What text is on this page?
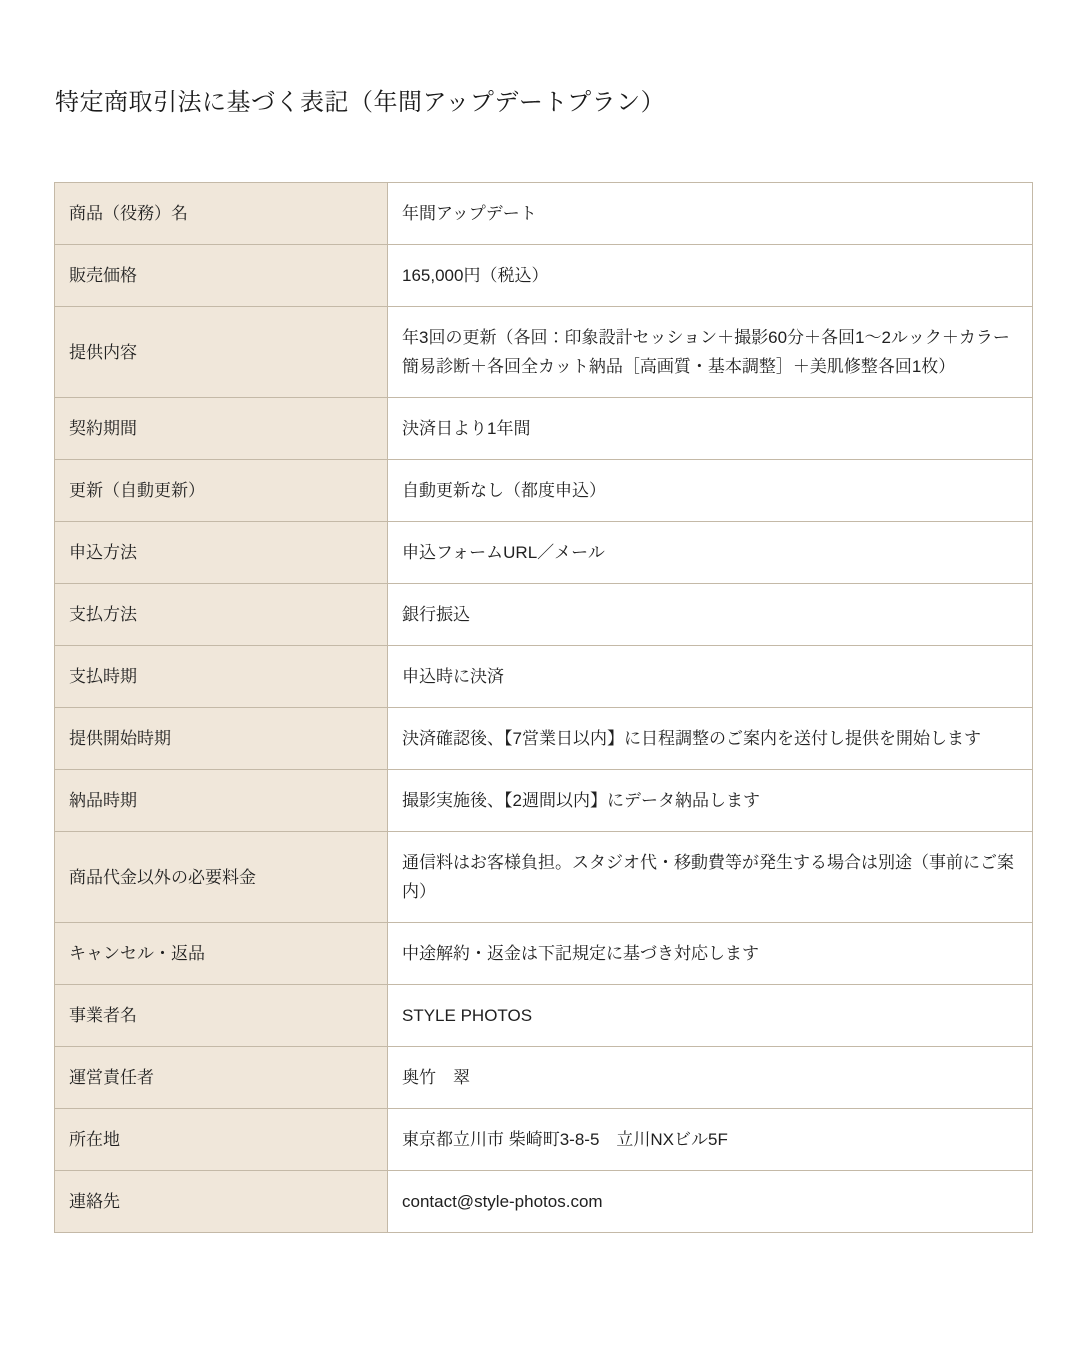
特定商取引法に基づく表記（年間アップデートプラン）
商品（役務）名	年間アップデート
販売価格	165,000円（税込）
提供内容	年3回の更新（各回：印象設計セッション＋撮影60分＋各回1〜2ルック＋カラー簡易診断＋各回全カット納品［高画質・基本調整］＋美肌修整各回1枚）
契約期間	決済日より1年間
更新（自動更新）	自動更新なし（都度申込）
申込方法	申込フォームURL／メール
支払方法	銀行振込
支払時期	申込時に決済
提供開始時期	決済確認後、【7営業日以内】に日程調整のご案内を送付し提供を開始します
納品時期	撮影実施後、【2週間以内】にデータ納品します
商品代金以外の必要料金	通信料はお客様負担。スタジオ代・移動費等が発生する場合は別途（事前にご案内）
キャンセル・返品	中途解約・返金は下記規定に基づき対応します
事業者名	STYLE PHOTOS
運営責任者	奥竹　翠
所在地	東京都立川市 柴崎町3-8-5　立川NXビル5F
連絡先	contact@style-photos.com
